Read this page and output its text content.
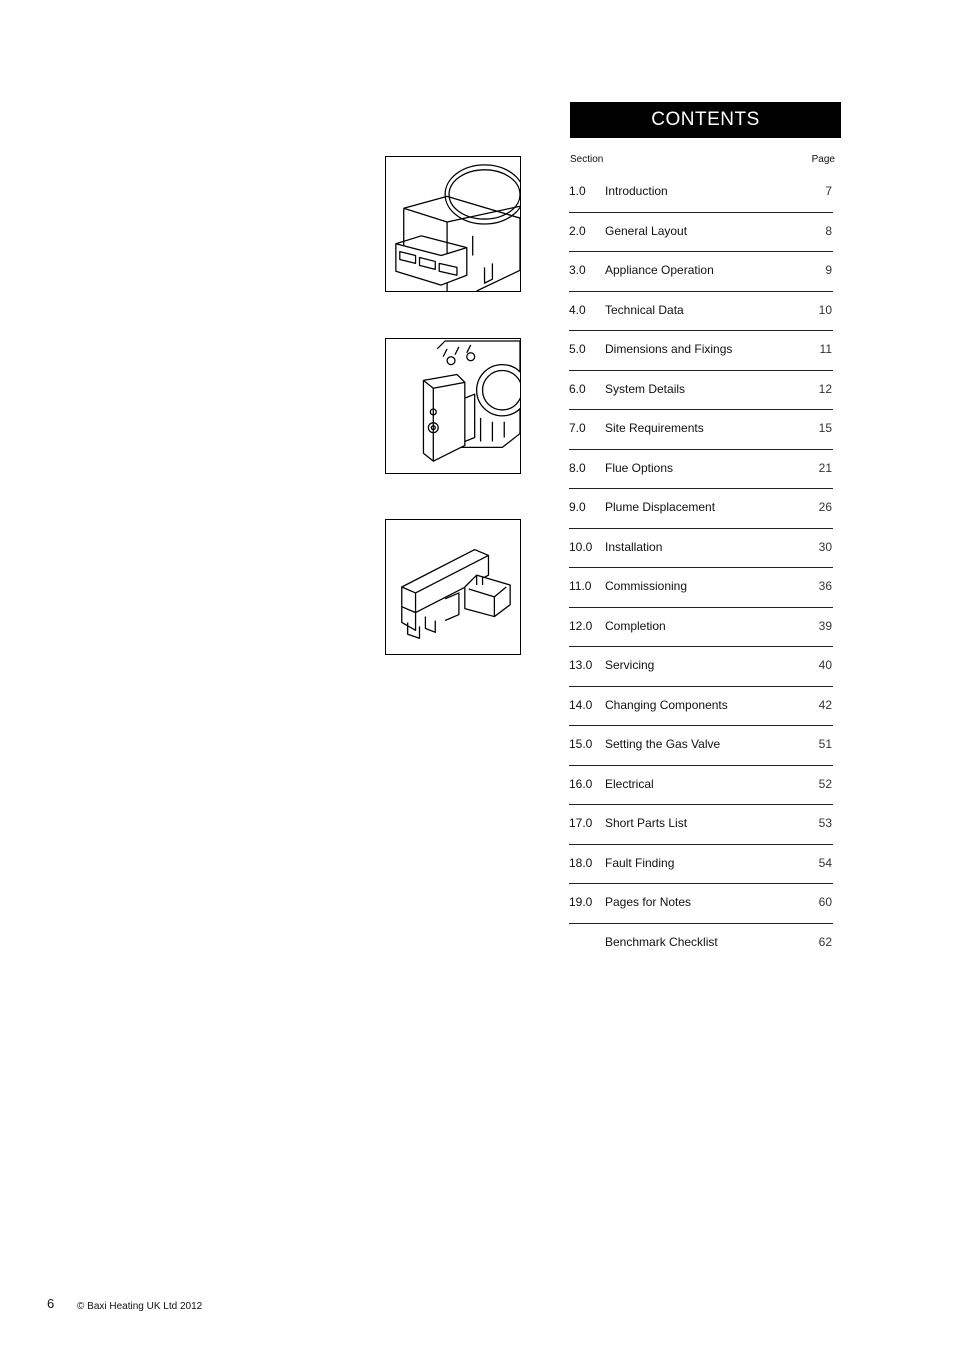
CONTENTS
Section	Page
1.0 Introduction	7
2.0 General Layout	8
3.0 Appliance Operation	9
4.0 Technical Data	10
5.0 Dimensions and Fixings	11
6.0 System Details	12
7.0 Site Requirements	15
8.0 Flue Options	21
9.0 Plume Displacement	26
10.0 Installation	30
11.0 Commissioning	36
12.0 Completion	39
13.0 Servicing	40
14.0 Changing Components	42
15.0 Setting the Gas Valve	51
16.0 Electrical	52
17.0 Short Parts List	53
18.0 Fault Finding	54
19.0 Pages for Notes	60
Benchmark Checklist	62
6 © Baxi Heating UK Ltd 2012
